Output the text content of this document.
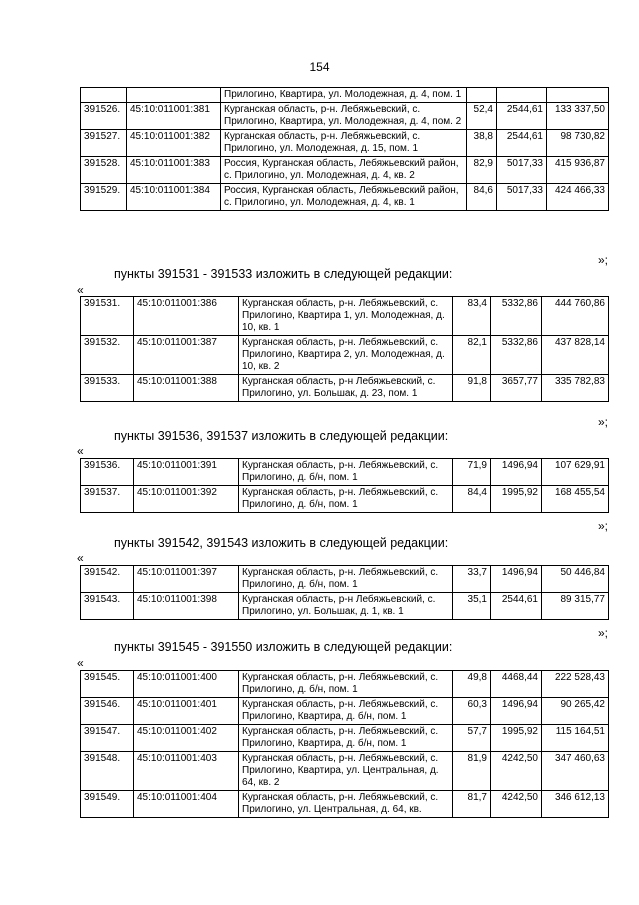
154
		Прилогино, Квартира, ул. Молодежная, д. 4, пом. 1			
391526.	45:10:011001:381	Курганская область, р-н. Лебяжьевский, с. Прилогино, Квартира, ул. Молодежная, д. 4, пом. 2	52,4	2544,61	133 337,50
391527.	45:10:011001:382	Курганская область, р-н. Лебяжьевский, с. Прилогино, ул. Молодежная, д. 15, пом. 1	38,8	2544,61	98 730,82
391528.	45:10:011001:383	Россия, Курганская область, Лебяжьевский район, с. Прилогино, ул. Молодежная, д. 4, кв. 2	82,9	5017,33	415 936,87
391529.	45:10:011001:384	Россия, Курганская область, Лебяжьевский район, с. Прилогино, ул. Молодежная, д. 4, кв. 1	84,6	5017,33	424 466,33
»;
пункты 391531 - 391533 изложить в следующей редакции:
«
391531.	45:10:011001:386	Курганская область, р-н. Лебяжьевский, с. Прилогино, Квартира 1, ул. Молодежная, д. 10, кв. 1	83,4	5332,86	444 760,86
391532.	45:10:011001:387	Курганская область, р-н. Лебяжьевский, с. Прилогино, Квартира 2, ул. Молодежная, д. 10, кв. 2	82,1	5332,86	437 828,14
391533.	45:10:011001:388	Курганская область, р-н Лебяжьевский, с. Прилогино, ул. Большак, д. 23, пом. 1	91,8	3657,77	335 782,83
»;
пункты 391536, 391537 изложить в следующей редакции:
«
391536.	45:10:011001:391	Курганская область, р-н. Лебяжьевский, с. Прилогино, д. б/н, пом. 1	71,9	1496,94	107 629,91
391537.	45:10:011001:392	Курганская область, р-н. Лебяжьевский, с. Прилогино, д. б/н, пом. 1	84,4	1995,92	168 455,54
»;
пункты 391542, 391543 изложить в следующей редакции:
«
391542.	45:10:011001:397	Курганская область, р-н. Лебяжьевский, с. Прилогино, д. б/н, пом. 1	33,7	1496,94	50 446,84
391543.	45:10:011001:398	Курганская область, р-н Лебяжьевский, с. Прилогино, ул. Большак, д. 1, кв. 1	35,1	2544,61	89 315,77
»;
пункты 391545 - 391550 изложить в следующей редакции:
«
391545.	45:10:011001:400	Курганская область, р-н. Лебяжьевский, с. Прилогино, д. б/н, пом. 1	49,8	4468,44	222 528,43
391546.	45:10:011001:401	Курганская область, р-н. Лебяжьевский, с. Прилогино, Квартира, д. б/н, пом. 1	60,3	1496,94	90 265,42
391547.	45:10:011001:402	Курганская область, р-н. Лебяжьевский, с. Прилогино, Квартира, д. б/н, пом. 1	57,7	1995,92	115 164,51
391548.	45:10:011001:403	Курганская область, р-н. Лебяжьевский, с. Прилогино, Квартира, ул. Центральная, д. 64, кв. 2	81,9	4242,50	347 460,63
391549.	45:10:011001:404	Курганская область, р-н. Лебяжьевский, с. Прилогино, ул. Центральная, д. 64, кв.	81,7	4242,50	346 612,13
